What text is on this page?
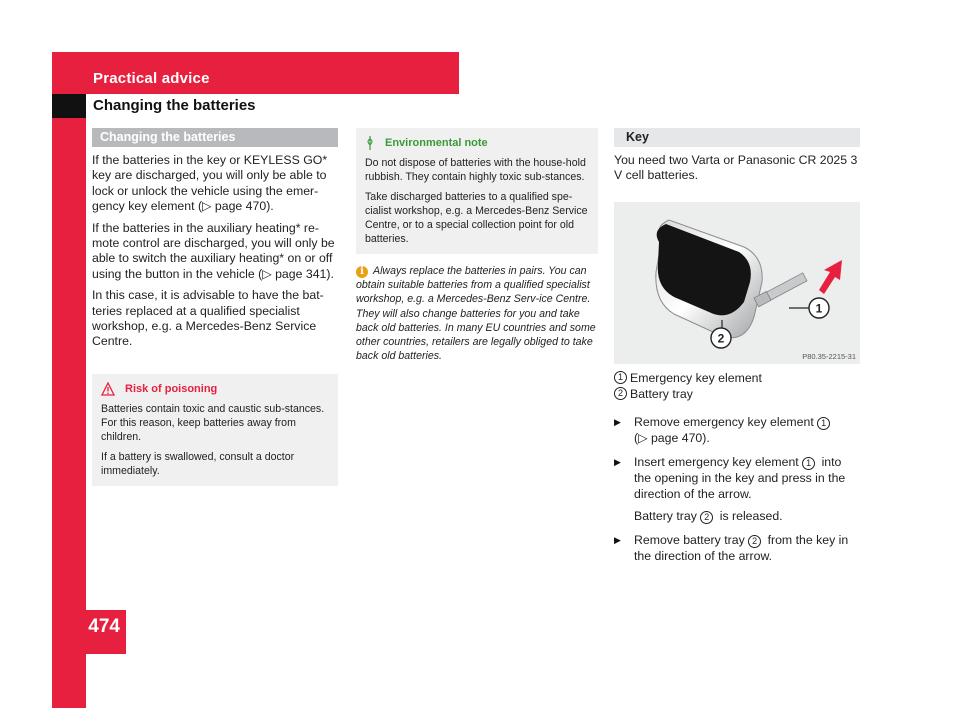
Practical advice
Changing the batteries
474
Changing the batteries

If the batteries in the key or KEYLESS GO* key are discharged, you will only be able to lock or unlock the vehicle using the emer-gency key element (▷ page 470).

If the batteries in the auxiliary heating* re-mote control are discharged, you will only be able to switch the auxiliary heating* on or off using the button in the vehicle (▷ page 341).

In this case, it is advisable to have the bat-teries replaced at a qualified specialist workshop, e.g. a Mercedes-Benz Service Centre.

Risk of poisoning

Batteries contain toxic and caustic sub-stances. For this reason, keep batteries away from children.

If a battery is swallowed, consult a doctor immediately.

Environmental note

Do not dispose of batteries with the house-hold rubbish. They contain highly toxic sub-stances.

Take discharged batteries to a qualified spe-cialist workshop, e.g. a Mercedes-Benz Service Centre, or to a special collection point for old batteries.

i Always replace the batteries in pairs. You can obtain suitable batteries from a qualified specialist workshop, e.g. a Mercedes-Benz Serv-ice Centre. They will also change batteries for you and take back old batteries. In many EU countries and some other countries, retailers are legally obliged to take back old batteries.
Key

You need two Varta or Panasonic CR 2025 3 V cell batteries.

1
2
P80.35-2215-31
1 Emergency key element
2 Battery tray
▶	Remove emergency key element 1
(▷ page 470).
▶	Insert emergency key element 1 into the opening in the key and press in the direction of the arrow.
Battery tray 2 is released.
▶	Remove battery tray 2 from the key in the direction of the arrow.
